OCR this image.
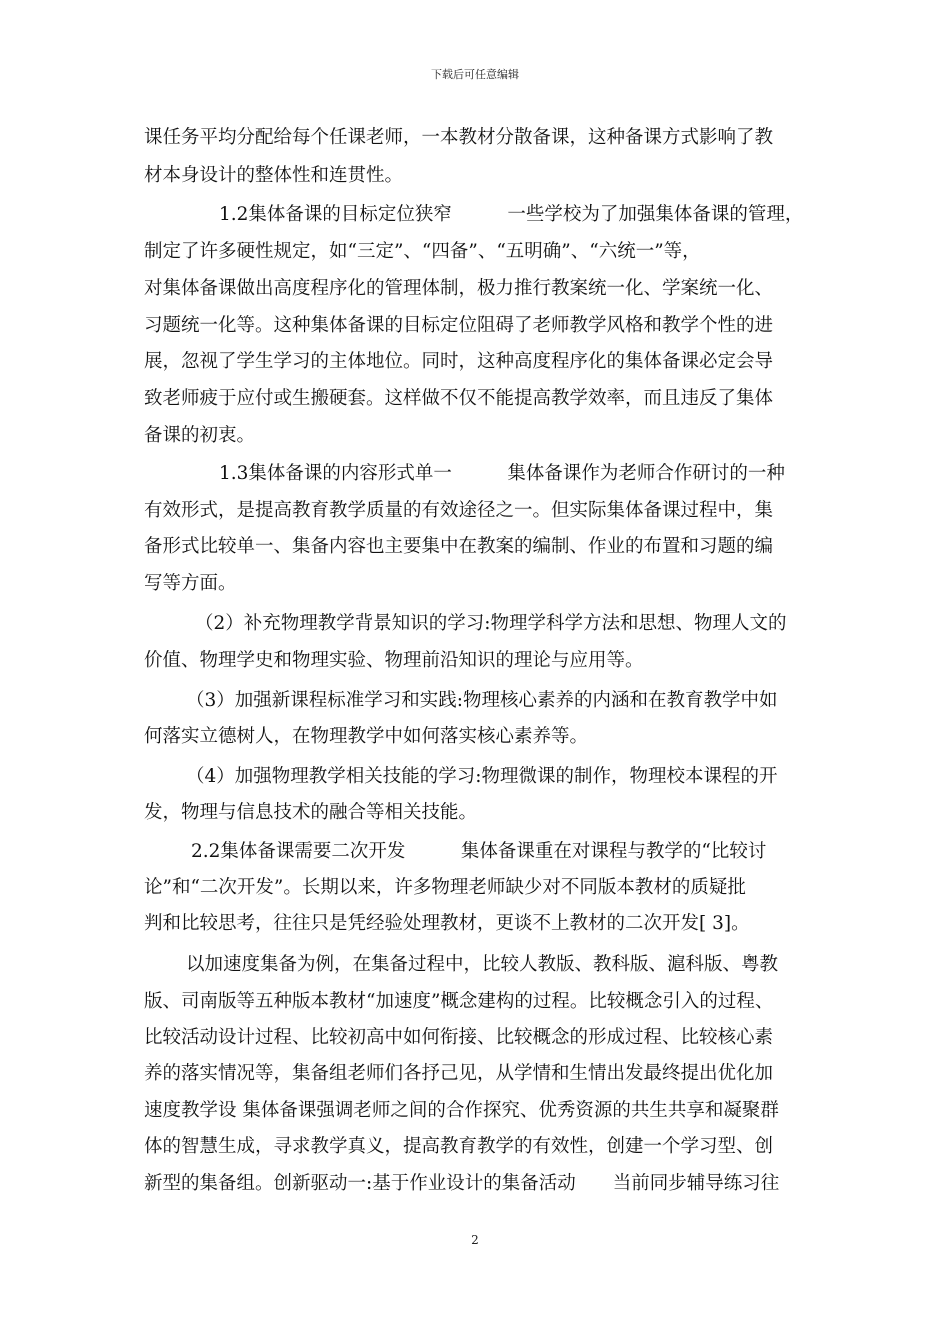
下载后可任意编辑
课任务平均分配给每个任课老师，一本教材分散备课，这种备课方式影响了教
材本身设计的整体性和连贯性。
1.2集体备课的目标定位狭窄　　　一些学校为了加强集体备课的管理，
制定了许多硬性规定，如“三定”、“四备”、“五明确”、“六统一”等，
对集体备课做出高度程序化的管理体制，极力推行教案统一化、学案统一化、
习题统一化等。这种集体备课的目标定位阻碍了老师教学风格和教学个性的进
展，忽视了学生学习的主体地位。同时，这种高度程序化的集体备课必定会导
致老师疲于应付或生搬硬套。这样做不仅不能提高教学效率，而且违反了集体
备课的初衷。
1.3集体备课的内容形式单一　　　集体备课作为老师合作研讨的一种
有效形式，是提高教育教学质量的有效途径之一。但实际集体备课过程中，集
备形式比较单一、集备内容也主要集中在教案的编制、作业的布置和习题的编
写等方面。
（2）补充物理教学背景知识的学习:物理学科学方法和思想、物理人文的
价值、物理学史和物理实验、物理前沿知识的理论与应用等。
（3）加强新课程标准学习和实践:物理核心素养的内涵和在教育教学中如
何落实立德树人，在物理教学中如何落实核心素养等。
（4）加强物理教学相关技能的学习:物理微课的制作，物理校本课程的开
发，物理与信息技术的融合等相关技能。
2.2集体备课需要二次开发　　　集体备课重在对课程与教学的“比较讨
论”和“二次开发”。长期以来，许多物理老师缺少对不同版本教材的质疑批
判和比较思考，往往只是凭经验处理教材，更谈不上教材的二次开发[ 3]。
以加速度集备为例，在集备过程中，比较人教版、教科版、滬科版、粤教
版、司南版等五种版本教材“加速度”概念建构的过程。比较概念引入的过程、
比较活动设计过程、比较初高中如何衔接、比较概念的形成过程、比较核心素
养的落实情况等，集备组老师们各抒己见，从学情和生情出发最终提出优化加
速度教学设 集体备课强调老师之间的合作探究、优秀资源的共生共享和凝聚群
体的智慧生成，寻求教学真义，提高教育教学的有效性，创建一个学习型、创
新型的集备组。创新驱动一:基于作业设计的集备活动　　当前同步辅导练习往
2
